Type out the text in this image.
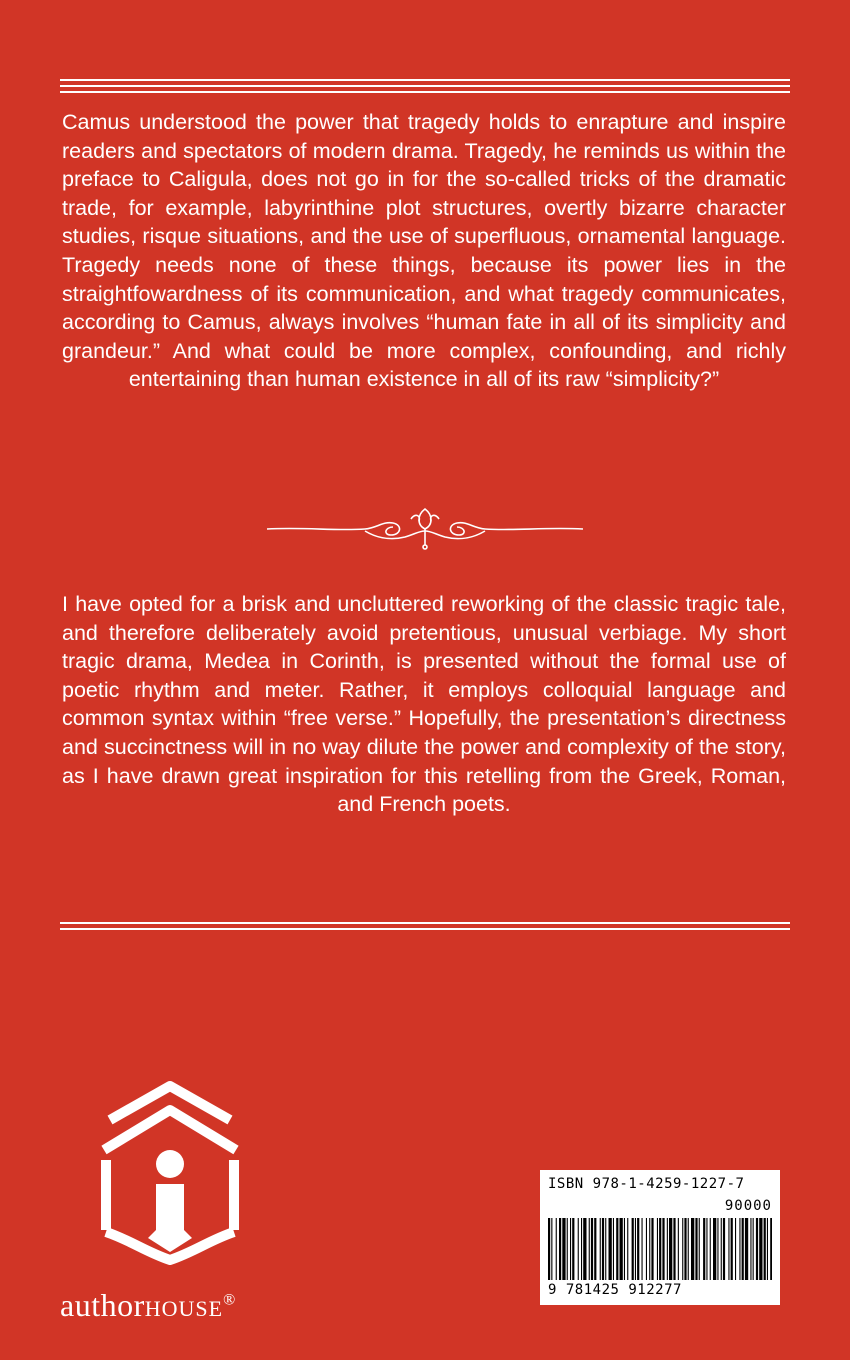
Camus understood the power that tragedy holds to enrapture and inspire readers and spectators of modern drama. Tragedy, he reminds us within the preface to Caligula, does not go in for the so-called tricks of the dramatic trade, for example, labyrinthine plot structures, overtly bizarre character studies, risque situations, and the use of superfluous, ornamental language. Tragedy needs none of these things, because its power lies in the straightfowardness of its communication, and what tragedy communicates, according to Camus, always involves “human fate in all of its simplicity and grandeur.” And what could be more complex, confounding, and richly entertaining than human existence in all of its raw “simplicity?”

I have opted for a brisk and uncluttered reworking of the classic tragic tale, and therefore deliberately avoid pretentious, unusual verbiage. My short tragic drama, Medea in Corinth, is presented without the formal use of poetic rhythm and meter. Rather, it employs colloquial language and common syntax within “free verse.” Hopefully, the presentation’s directness and succinctness will in no way dilute the power and complexity of the story, as I have drawn great inspiration for this retelling from the Greek, Roman, and French poets.

authorHOUSE®
ISBN 978-1-4259-1227-7
90000
9 781425 912277
